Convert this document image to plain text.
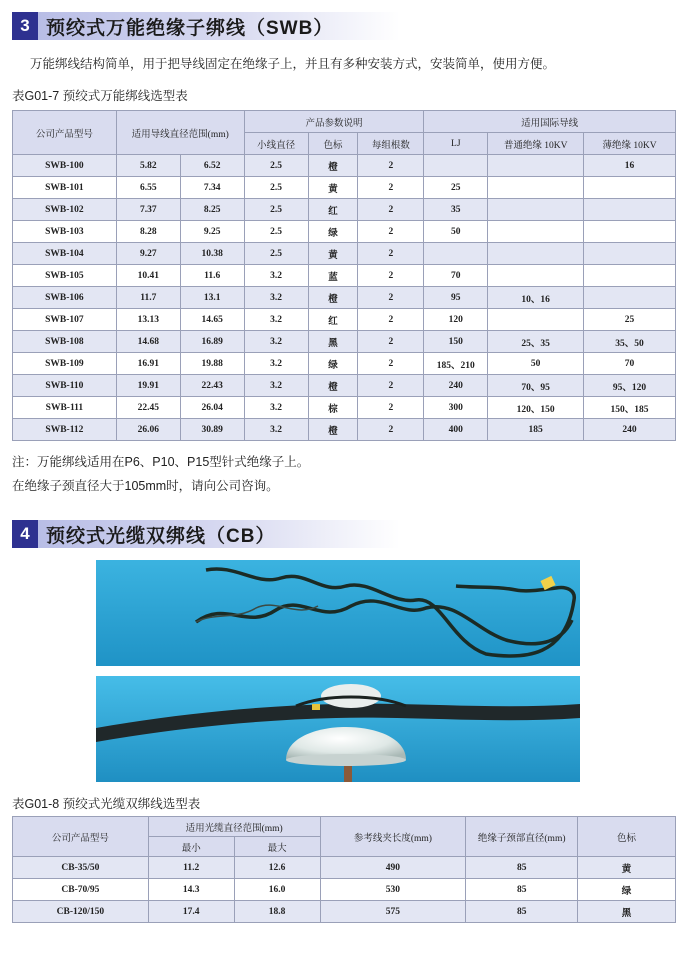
3 预绞式万能绝缘子绑线（SWB）
万能绑线结构简单，用于把导线固定在绝缘子上，并且有多种安装方式，安装简单，使用方便。
表G01-7 预绞式万能绑线选型表
公司产品型号	适用导线直径范围(mm)		产品参数说明			适用国际导线		
			小线直径	色标	每组根数	LJ	普通绝缘 10KV	薄绝缘 10KV
SWB-100	5.82	6.52	2.5	橙	2			16
SWB-101	6.55	7.34	2.5	黄	2	25		
SWB-102	7.37	8.25	2.5	红	2	35		
SWB-103	8.28	9.25	2.5	绿	2	50		
SWB-104	9.27	10.38	2.5	黄	2			
SWB-105	10.41	11.6	3.2	蓝	2	70		
SWB-106	11.7	13.1	3.2	橙	2	95	10、16	
SWB-107	13.13	14.65	3.2	红	2	120		25
SWB-108	14.68	16.89	3.2	黑	2	150	25、35	35、50
SWB-109	16.91	19.88	3.2	绿	2	185、210	50	70
SWB-110	19.91	22.43	3.2	橙	2	240	70、95	95、120
SWB-111	22.45	26.04	3.2	棕	2	300	120、150	150、185
SWB-112	26.06	30.89	3.2	橙	2	400	185	240
注：万能绑线适用在P6、P10、P15型针式绝缘子上。
在绝缘子颈直径大于105mm时，请向公司咨询。
4 预绞式光缆双绑线（CB）
表G01-8 预绞式光缆双绑线选型表
公司产品型号	适用光缆直径范围(mm)		参考线夹长度(mm)	绝缘子颈部直径(mm)	色标
	最小	最大			
CB-35/50	11.2	12.6	490	85	黄
CB-70/95	14.3	16.0	530	85	绿
CB-120/150	17.4	18.8	575	85	黑
